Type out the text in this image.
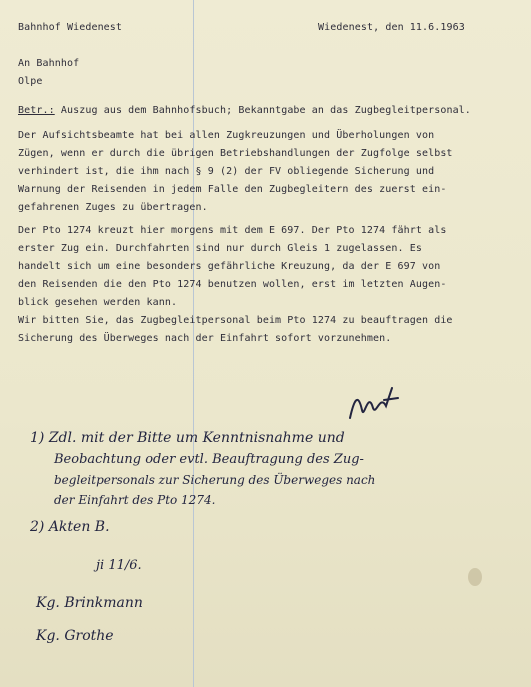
Bahnhof Wiedenest	Wiedenest, den 11.6.1963
An Bahnhof
Olpe
Betr.: Auszug aus dem Bahnhofsbuch; Bekanntgabe an das Zugbegleitpersonal.
Der Aufsichtsbeamte hat bei allen Zugkreuzungen und Überholungen von
Zügen, wenn er durch die übrigen Betriebshandlungen der Zugfolge selbst
verhindert ist, die ihm nach § 9 (2) der FV obliegende Sicherung und
Warnung der Reisenden in jedem Falle den Zugbegleitern des zuerst ein-
gefahrenen Zuges zu übertragen.
Der Pto 1274 kreuzt hier morgens mit dem E 697. Der Pto 1274 fährt als
erster Zug ein. Durchfahrten sind nur durch Gleis 1 zugelassen. Es
handelt sich um eine besonders gefährliche Kreuzung, da der E 697 von
den Reisenden die den Pto 1274 benutzen wollen, erst im letzten Augen-
blick gesehen werden kann.
Wir bitten Sie, das Zugbegleitpersonal beim Pto 1274 zu beauftragen die
Sicherung des Überweges nach der Einfahrt sofort vorzunehmen.
1) Zdl. mit der Bitte um Kenntnisnahme und
Beobachtung oder evtl. Beauftragung des Zug-
begleitpersonals zur Sicherung des Überweges nach
der Einfahrt des Pto 1274.
2) Akten B.
ji 11/6.
Kg. Brinkmann
Kg. Grothe
